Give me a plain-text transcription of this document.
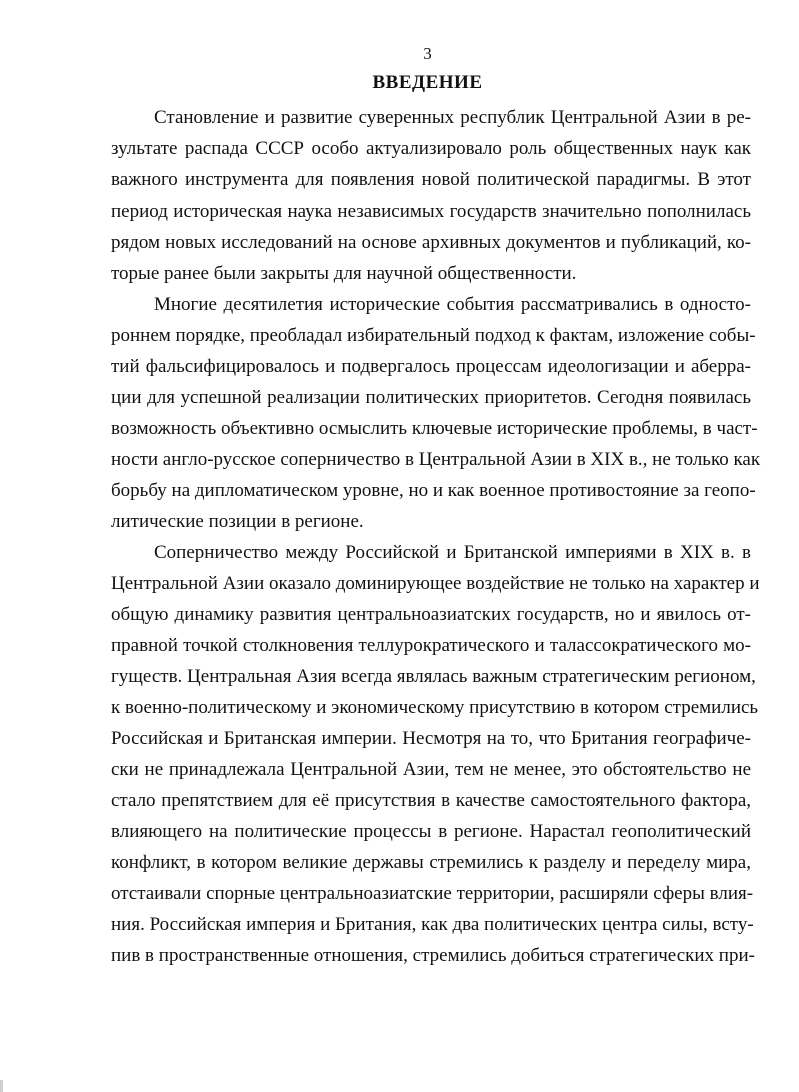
3
ВВЕДЕНИЕ
Становление и развитие суверенных республик Центральной Азии в ре-
зультате распада СССР особо актуализировало роль общественных наук как
важного инструмента для появления новой политической парадигмы. В этот
период историческая наука независимых государств значительно пополнилась
рядом новых исследований на основе архивных документов и публикаций, ко-
торые ранее были закрыты для научной общественности.
Многие десятилетия исторические события рассматривались в односто-
роннем порядке, преобладал избирательный подход к фактам, изложение собы-
тий фальсифицировалось и подвергалось процессам идеологизации и аберра-
ции для успешной реализации политических приоритетов. Сегодня появилась
возможность объективно осмыслить ключевые исторические проблемы, в част-
ности англо-русское соперничество в Центральной Азии в XIX в., не только как
борьбу на дипломатическом уровне, но и как военное противостояние за геопо-
литические позиции в регионе.
Соперничество между Российской и Британской империями в XIX в. в
Центральной Азии оказало доминирующее воздействие не только на характер и
общую динамику развития центральноазиатских государств, но и явилось от-
правной точкой столкновения теллурократического и талассократического мо-
гуществ. Центральная Азия всегда являлась важным стратегическим регионом,
к военно-политическому и экономическому присутствию в котором стремились
Российская и Британская империи. Несмотря на то, что Британия географиче-
ски не принадлежала Центральной Азии, тем не менее, это обстоятельство не
стало препятствием для её присутствия в качестве самостоятельного фактора,
влияющего на политические процессы в регионе. Нарастал геополитический
конфликт, в котором великие державы стремились к разделу и переделу мира,
отстаивали спорные центральноазиатские территории, расширяли сферы влия-
ния. Российская империя и Британия, как два политических центра силы, всту-
пив в пространственные отношения, стремились добиться стратегических при-
